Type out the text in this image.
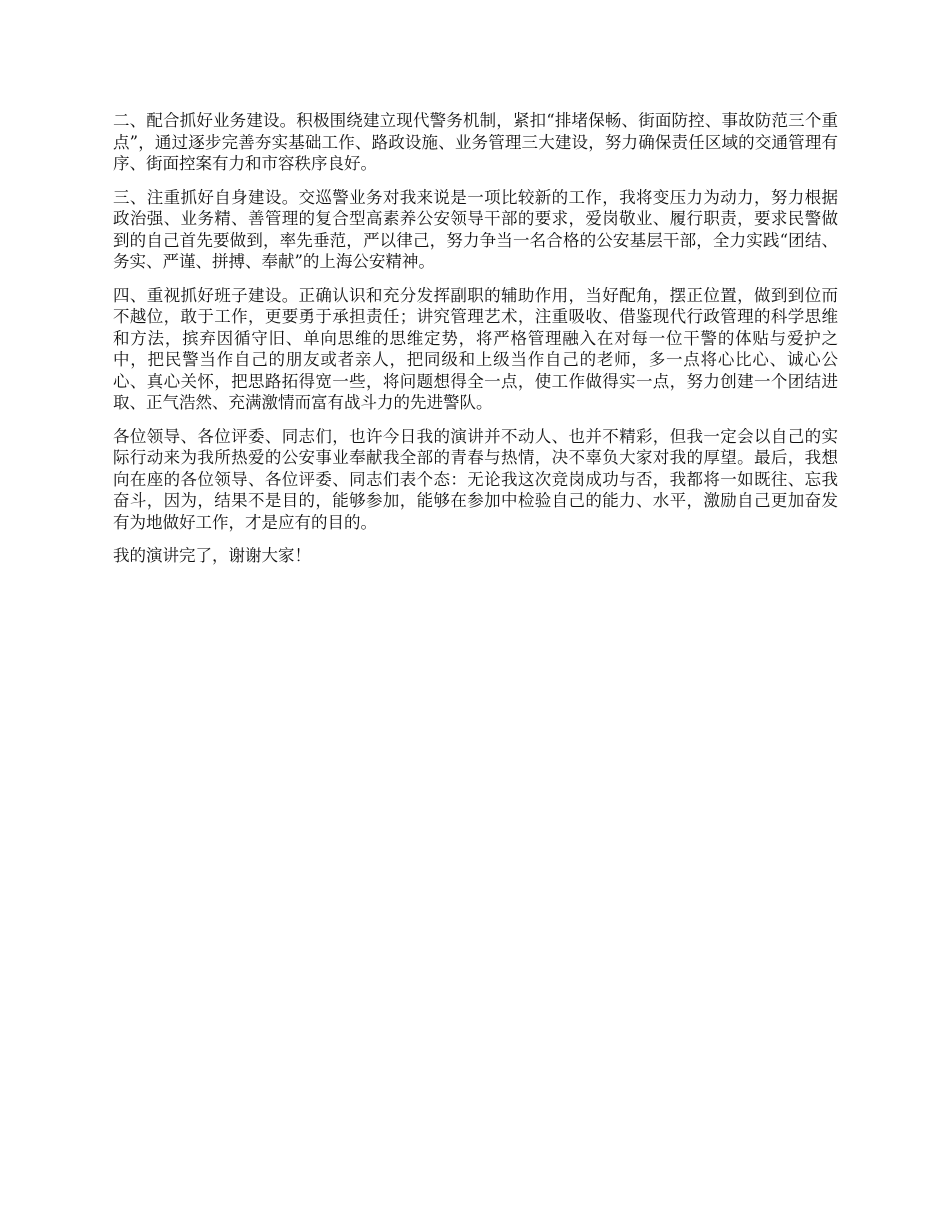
二、配合抓好业务建设。积极围绕建立现代警务机制，紧扣“排堵保畅、街面防控、事故防范三个重点”，通过逐步完善夯实基础工作、路政设施、业务管理三大建设，努力确保责任区域的交通管理有序、街面控案有力和市容秩序良好。

三、注重抓好自身建设。交巡警业务对我来说是一项比较新的工作，我将变压力为动力，努力根据政治强、业务精、善管理的复合型高素养公安领导干部的要求，爱岗敬业、履行职责，要求民警做到的自己首先要做到，率先垂范，严以律己，努力争当一名合格的公安基层干部，全力实践“团结、务实、严谨、拼搏、奉献”的上海公安精神。

四、重视抓好班子建设。正确认识和充分发挥副职的辅助作用，当好配角，摆正位置，做到到位而不越位，敢于工作，更要勇于承担责任；讲究管理艺术，注重吸收、借鉴现代行政管理的科学思维和方法，摈弃因循守旧、单向思维的思维定势，将严格管理融入在对每一位干警的体贴与爱护之中，把民警当作自己的朋友或者亲人，把同级和上级当作自己的老师，多一点将心比心、诚心公心、真心关怀，把思路拓得宽一些，将问题想得全一点，使工作做得实一点，努力创建一个团结进取、正气浩然、充满激情而富有战斗力的先进警队。

各位领导、各位评委、同志们，也许今日我的演讲并不动人、也并不精彩，但我一定会以自己的实际行动来为我所热爱的公安事业奉献我全部的青春与热情，决不辜负大家对我的厚望。最后，我想向在座的各位领导、各位评委、同志们表个态：无论我这次竞岗成功与否，我都将一如既往、忘我奋斗，因为，结果不是目的，能够参加，能够在参加中检验自己的能力、水平，激励自己更加奋发有为地做好工作，才是应有的目的。

我的演讲完了，谢谢大家！
